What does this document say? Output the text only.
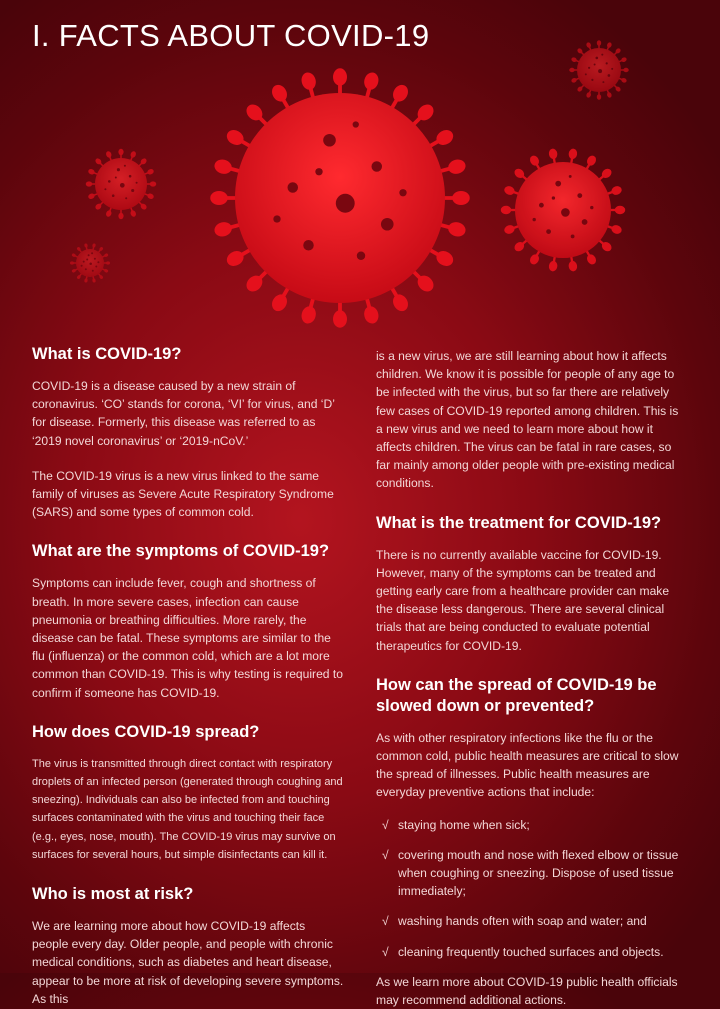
I. FACTS ABOUT COVID-19
What is COVID-19?

COVID-19 is a disease caused by a new strain of coronavirus. ‘CO’ stands for corona, ‘VI’ for virus, and ‘D’ for disease. Formerly, this disease was referred to as ‘2019 novel coronavirus’ or ‘2019-nCoV.’

The COVID-19 virus is a new virus linked to the same family of viruses as Severe Acute Respiratory Syndrome (SARS) and some types of common cold.

What are the symptoms of COVID-19?

Symptoms can include fever, cough and shortness of breath. In more severe cases, infection can cause pneumonia or breathing difficulties. More rarely, the disease can be fatal. These symptoms are similar to the flu (influenza) or the common cold, which are a lot more common than COVID-19. This is why testing is required to confirm if someone has COVID-19.

How does COVID-19 spread?

The virus is transmitted through direct contact with respiratory droplets of an infected person (generated through coughing and sneezing). Individuals can also be infected from and touching surfaces contaminated with the virus and touching their face (e.g., eyes, nose, mouth). The COVID-19 virus may survive on surfaces for several hours, but simple disinfectants can kill it.

Who is most at risk?

We are learning more about how COVID-19 affects people every day. Older people, and people with chronic medical conditions, such as diabetes and heart disease, appear to be more at risk of developing severe symptoms. As this

is a new virus, we are still learning about how it affects children. We know it is possible for people of any age to be infected with the virus, but so far there are relatively few cases of COVID-19 reported among children. This is a new virus and we need to learn more about how it affects children. The virus can be fatal in rare cases, so far mainly among older people with pre-existing medical conditions.

What is the treatment for COVID-19?

There is no currently available vaccine for COVID-19. However, many of the symptoms can be treated and getting early care from a healthcare provider can make the disease less dangerous. There are several clinical trials that are being conducted to evaluate potential therapeutics for COVID-19.

How can the spread of COVID-19 be slowed down or prevented?

As with other respiratory infections like the flu or the common cold, public health measures are critical to slow the spread of illnesses. Public health measures are everyday preventive actions that include:

√ staying home when sick;
√ covering mouth and nose with flexed elbow or tissue when coughing or sneezing. Dispose of used tissue immediately;
√ washing hands often with soap and water; and
√ cleaning frequently touched surfaces and objects.

As we learn more about COVID-19 public health officials may recommend additional actions.
